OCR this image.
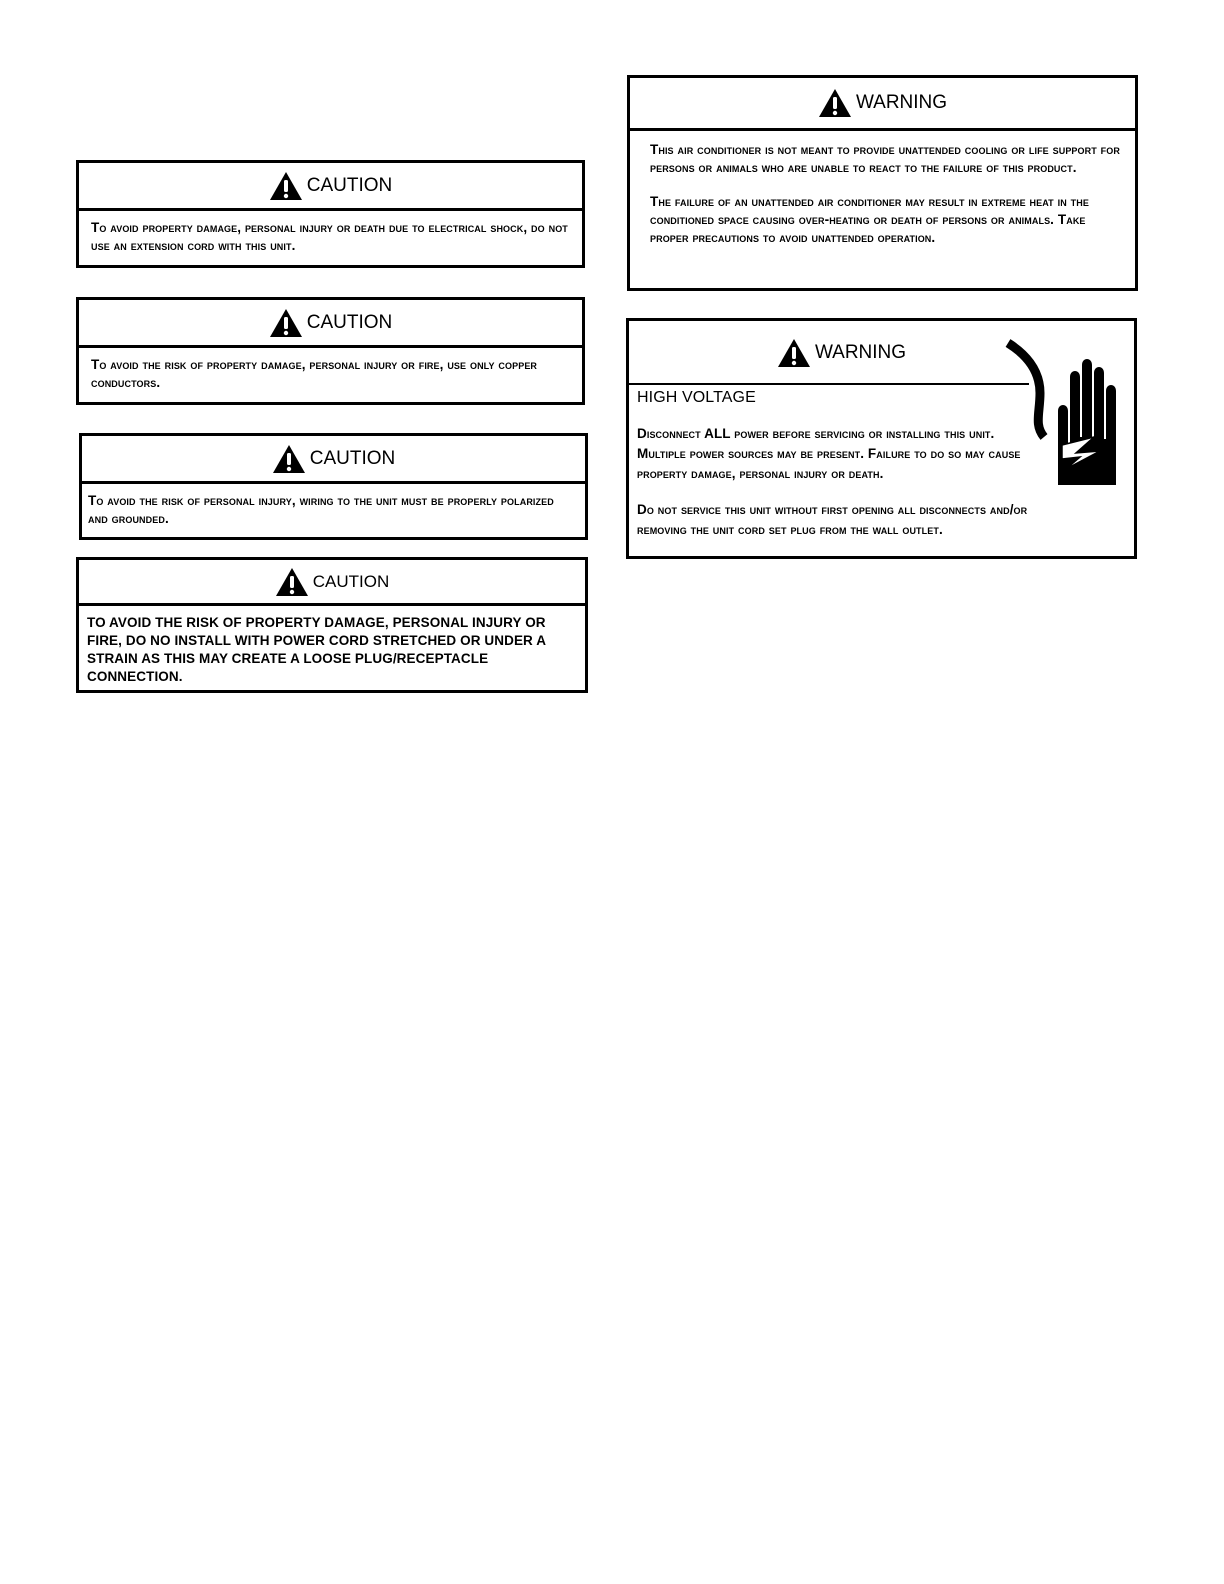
CAUTION
To avoid property damage, personal injury or death due to electrical shock, do not use an extension cord with this unit.
CAUTION
To avoid the risk of property damage, personal injury or fire, use only copper conductors.
CAUTION
To avoid the risk of personal injury, wiring to the unit must be properly polarized and grounded.
CAUTION
TO AVOID THE RISK OF PROPERTY DAMAGE, PERSONAL INJURY OR FIRE, DO NO INSTALL WITH POWER CORD STRETCHED OR UNDER A STRAIN AS THIS MAY CREATE A LOOSE PLUG/RECEPTACLE CONNECTION.
WARNING

This air conditioner is not meant to provide unattended cooling or life support for persons or animals who are unable to react to the failure of this product.

The failure of an unattended air conditioner may result in extreme heat in the conditioned space causing over-heating or death of persons or animals. Take proper precautions to avoid unattended operation.

WARNING

HIGH VOLTAGE

Disconnect ALL power before servicing or installing this unit. Multiple power sources may be present. Failure to do so may cause property damage, personal injury or death.

Do not service this unit without first opening all disconnects and/or removing the unit cord set plug from the wall outlet.
